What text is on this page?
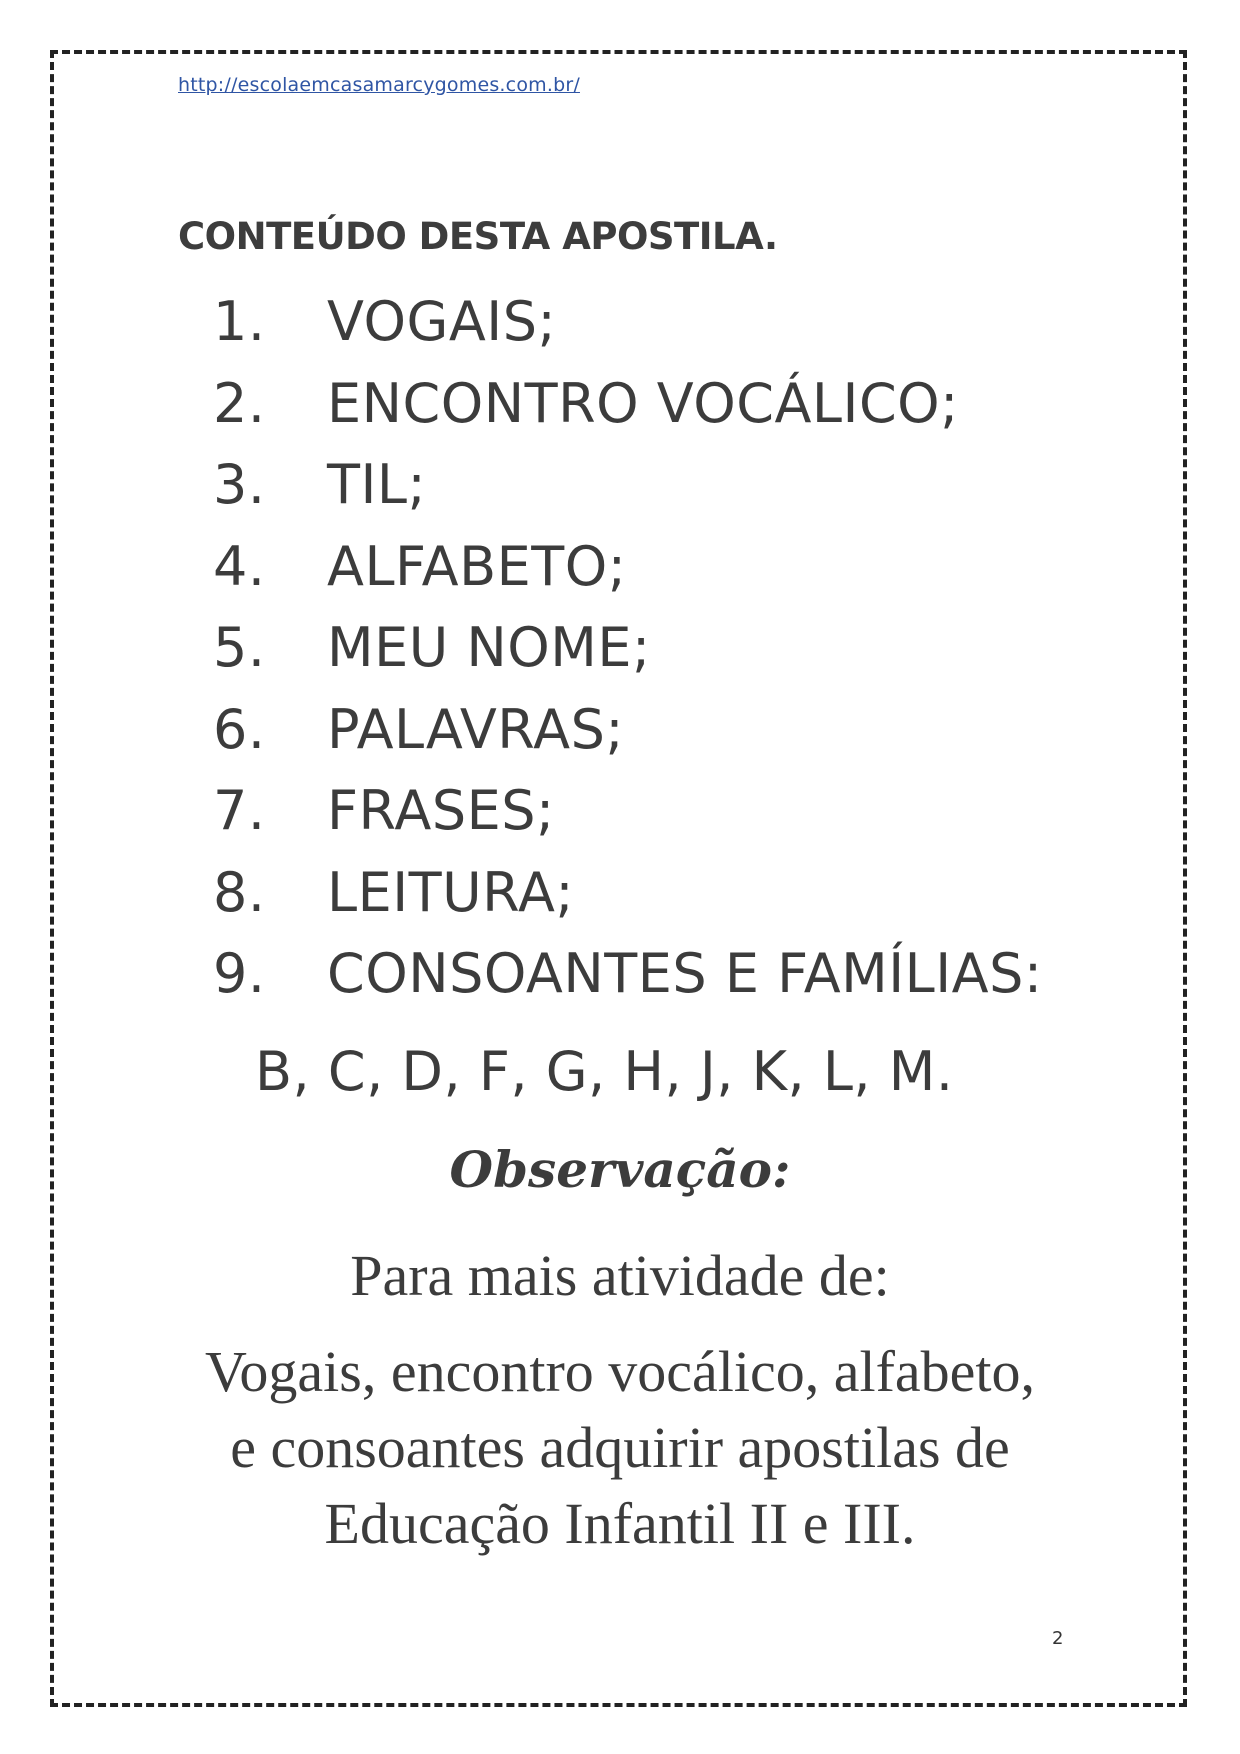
http://escolaemcasamarcygomes.com.br/
CONTEÚDO DESTA APOSTILA.
1. VOGAIS;
2. ENCONTRO VOCÁLICO;
3. TIL;
4. ALFABETO;
5. MEU NOME;
6. PALAVRAS;
7. FRASES;
8. LEITURA;
9. CONSOANTES E FAMÍLIAS:
B, C, D, F, G, H, J, K, L, M.
Observação:
Para mais atividade de:
Vogais, encontro vocálico, alfabeto,
e consoantes adquirir apostilas de
Educação Infantil II e III.
2
